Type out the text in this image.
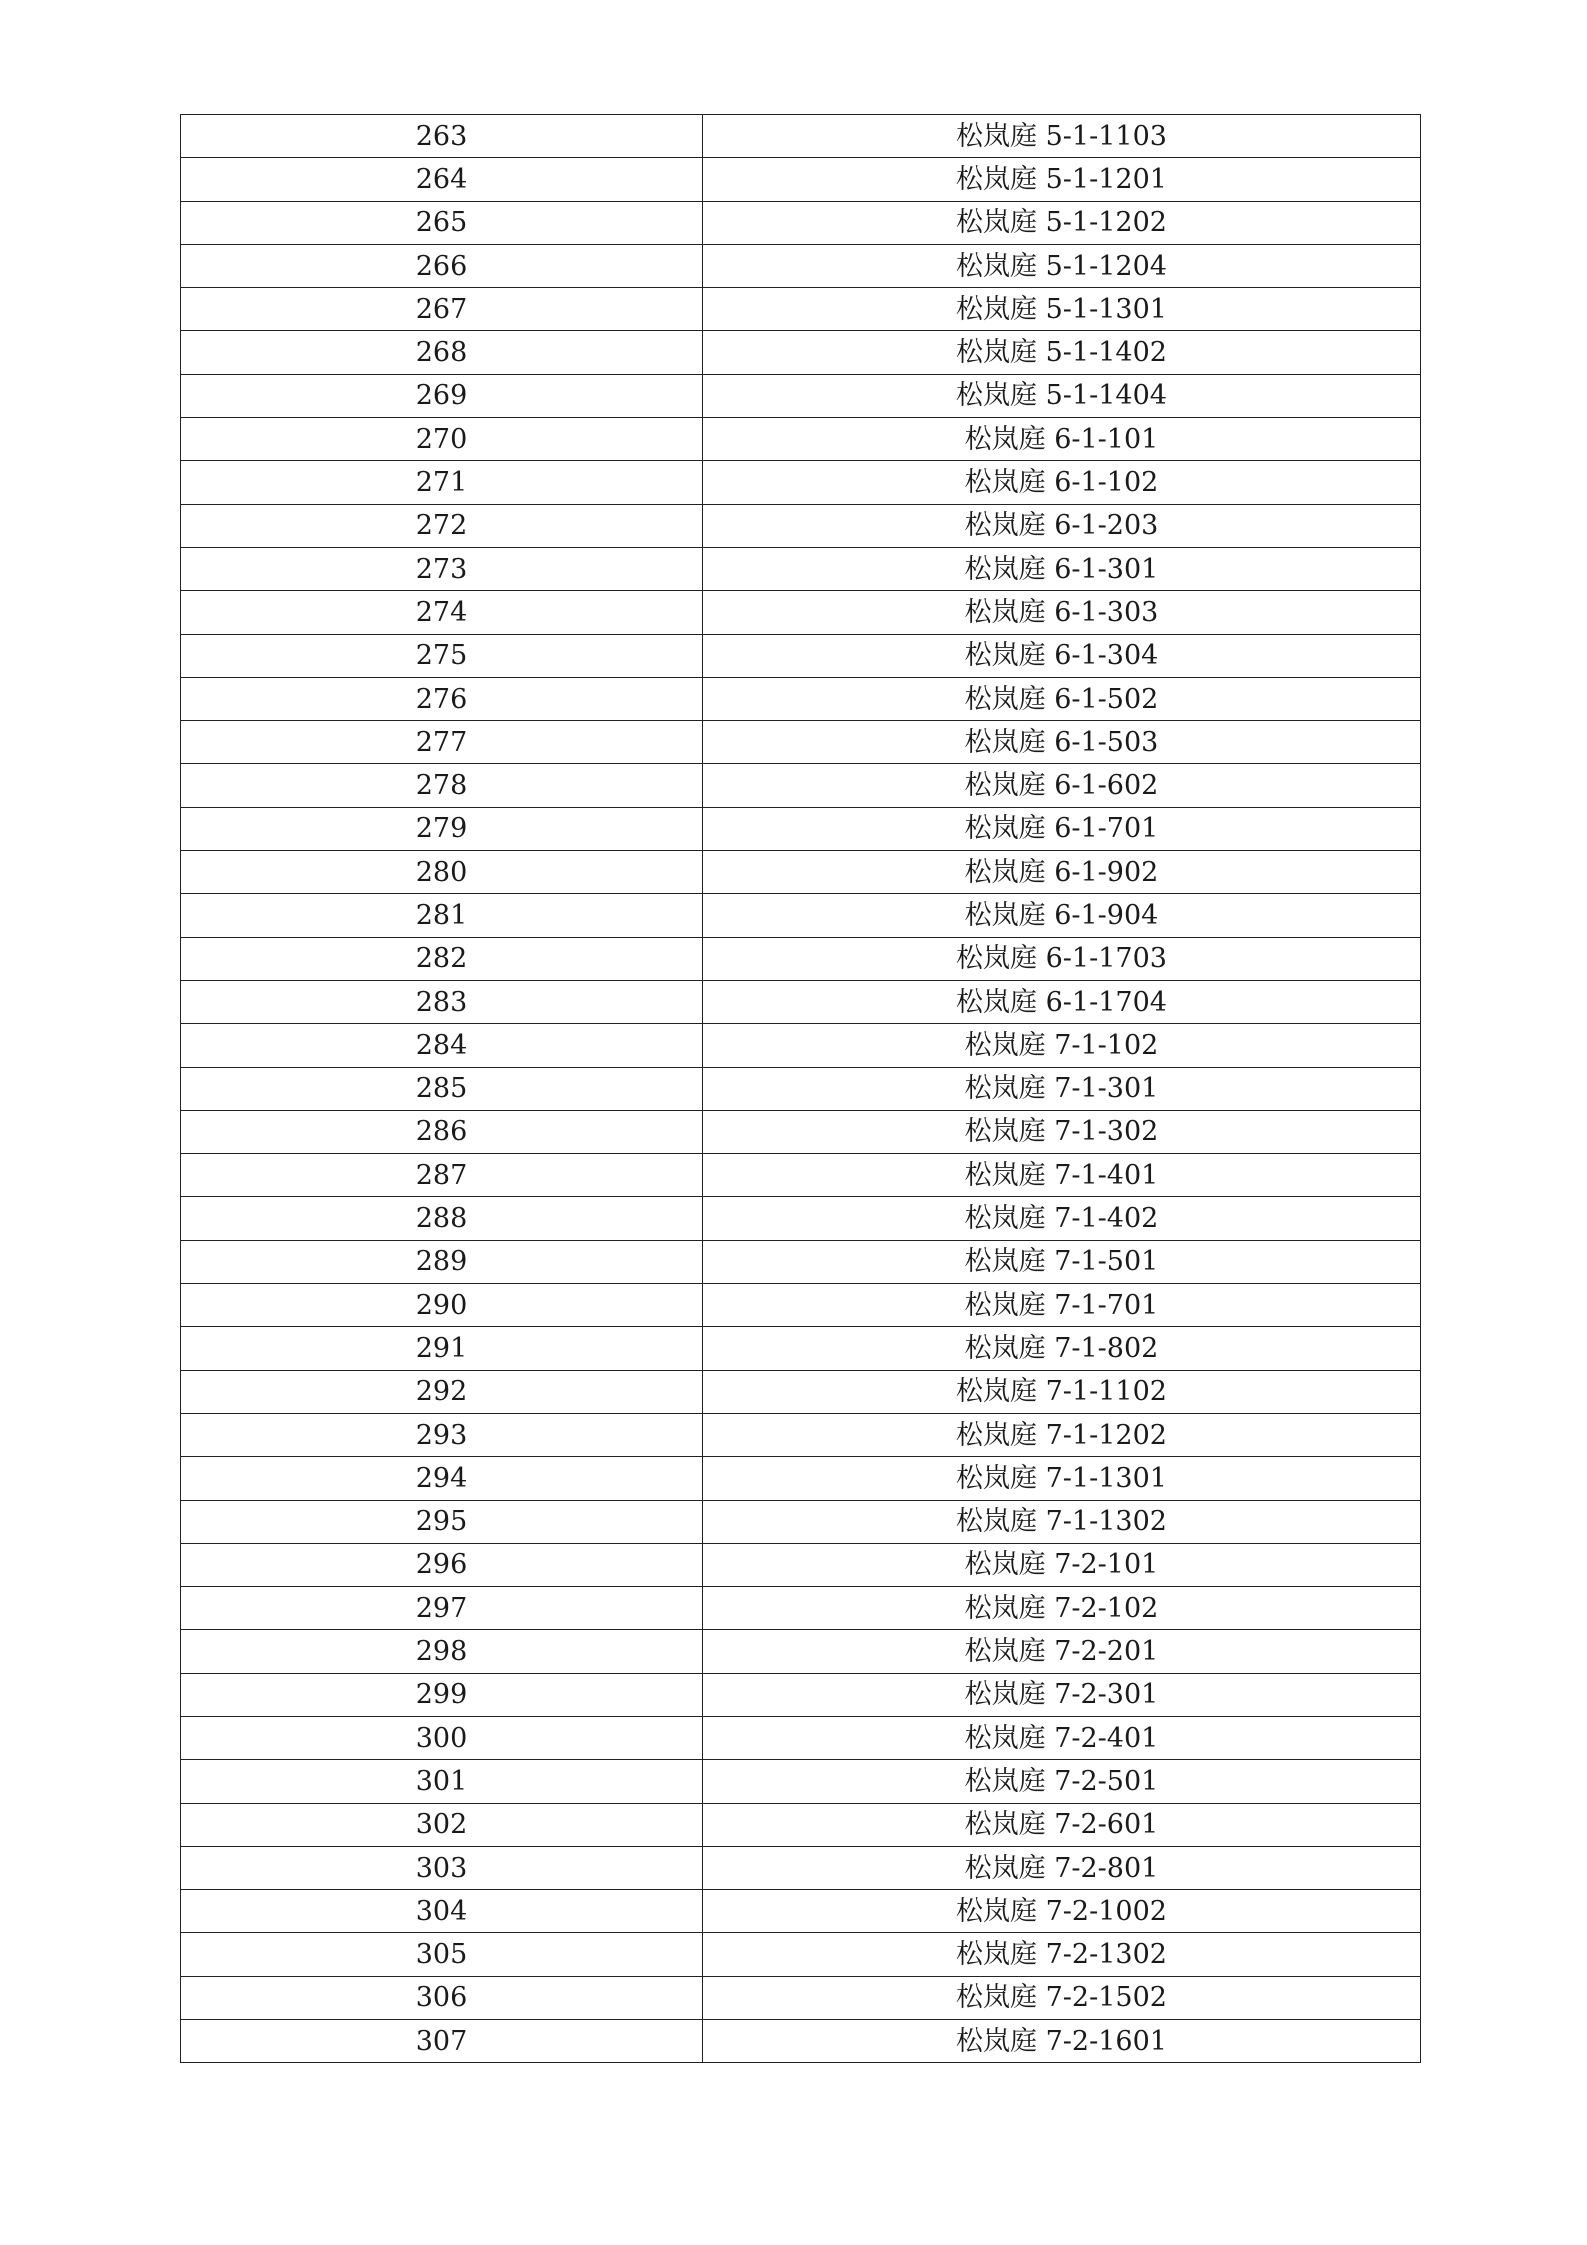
263	松岚庭 5-1-1103
264	松岚庭 5-1-1201
265	松岚庭 5-1-1202
266	松岚庭 5-1-1204
267	松岚庭 5-1-1301
268	松岚庭 5-1-1402
269	松岚庭 5-1-1404
270	松岚庭 6-1-101
271	松岚庭 6-1-102
272	松岚庭 6-1-203
273	松岚庭 6-1-301
274	松岚庭 6-1-303
275	松岚庭 6-1-304
276	松岚庭 6-1-502
277	松岚庭 6-1-503
278	松岚庭 6-1-602
279	松岚庭 6-1-701
280	松岚庭 6-1-902
281	松岚庭 6-1-904
282	松岚庭 6-1-1703
283	松岚庭 6-1-1704
284	松岚庭 7-1-102
285	松岚庭 7-1-301
286	松岚庭 7-1-302
287	松岚庭 7-1-401
288	松岚庭 7-1-402
289	松岚庭 7-1-501
290	松岚庭 7-1-701
291	松岚庭 7-1-802
292	松岚庭 7-1-1102
293	松岚庭 7-1-1202
294	松岚庭 7-1-1301
295	松岚庭 7-1-1302
296	松岚庭 7-2-101
297	松岚庭 7-2-102
298	松岚庭 7-2-201
299	松岚庭 7-2-301
300	松岚庭 7-2-401
301	松岚庭 7-2-501
302	松岚庭 7-2-601
303	松岚庭 7-2-801
304	松岚庭 7-2-1002
305	松岚庭 7-2-1302
306	松岚庭 7-2-1502
307	松岚庭 7-2-1601
